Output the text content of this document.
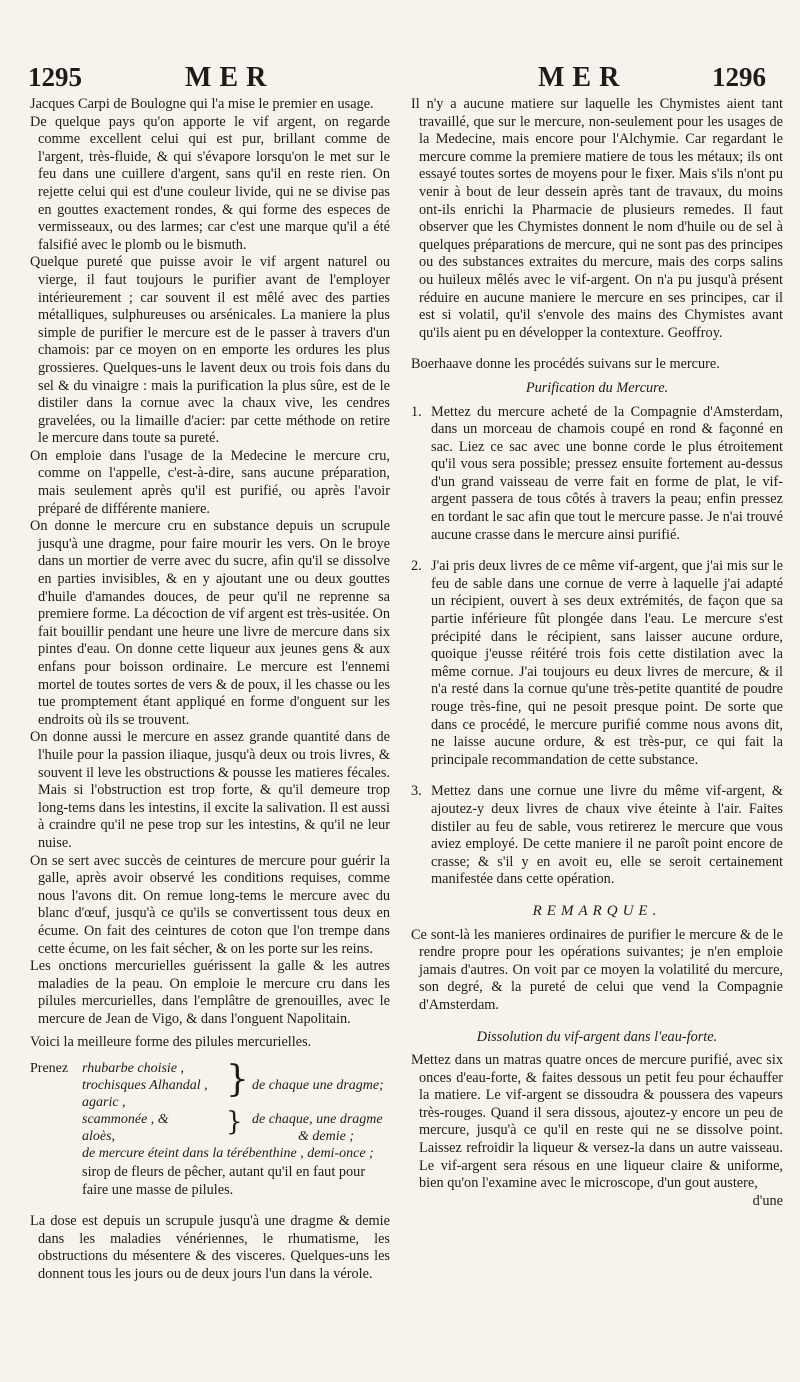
1295	MER	MER	1296

Jacques Carpi de Boulogne qui l'a mise le premier en usage.

De quelque pays qu'on apporte le vif argent, on regarde comme excellent celui qui est pur, brillant comme de l'argent, très-fluide, & qui s'évapore lorsqu'on le met sur le feu dans une cuillere d'argent, sans qu'il en reste rien. On rejette celui qui est d'une couleur livide, qui ne se divise pas en gouttes exactement rondes, & qui forme des especes de vermisseaux, ou des larmes; car c'est une marque qu'il a été falsifié avec le plomb ou le bismuth.

Quelque pureté que puisse avoir le vif argent naturel ou vierge, il faut toujours le purifier avant de l'employer intérieurement ; car souvent il est mêlé avec des parties métalliques, sulphureuses ou arsénicales. La maniere la plus simple de purifier le mercure est de le passer à travers d'un chamois: par ce moyen on en emporte les ordures les plus grossieres. Quelques-uns le lavent deux ou trois fois dans du sel & du vinaigre : mais la purification la plus sûre, est de le distiler dans la cornue avec la chaux vive, les cendres gravelées, ou la limaille d'acier: par cette méthode on retire le mercure dans toute sa pureté.

On emploie dans l'usage de la Medecine le mercure cru, comme on l'appelle, c'est-à-dire, sans aucune préparation, mais seulement après qu'il est purifié, ou après l'avoir préparé de différente maniere.

On donne le mercure cru en substance depuis un scrupule jusqu'à une dragme, pour faire mourir les vers. On le broye dans un mortier de verre avec du sucre, afin qu'il se dissolve en parties invisibles, & en y ajoutant une ou deux gouttes d'huile d'amandes douces, de peur qu'il ne reprenne sa premiere forme. La décoction de vif argent est très-usitée. On fait bouillir pendant une heure une livre de mercure dans six pintes d'eau. On donne cette liqueur aux jeunes gens & aux enfans pour boisson ordinaire. Le mercure est l'ennemi mortel de toutes sortes de vers & de poux, il les chasse ou les tue promptement étant appliqué en forme d'onguent sur les endroits où ils se trouvent.

On donne aussi le mercure en assez grande quantité dans de l'huile pour la passion iliaque, jusqu'à deux ou trois livres, & souvent il leve les obstructions & pousse les matieres fécales. Mais si l'obstruction est trop forte, & qu'il demeure trop long-tems dans les intestins, il excite la salivation. Il est aussi à craindre qu'il ne pese trop sur les intestins, & qu'il ne leur nuise.

On se sert avec succès de ceintures de mercure pour guérir la galle, après avoir observé les conditions requises, comme nous l'avons dit. On remue long-tems le mercure avec du blanc d'œuf, jusqu'à ce qu'ils se convertissent tous deux en écume. On fait des ceintures de coton que l'on trempe dans cette écume, on les fait sécher, & on les porte sur les reins.

Les onctions mercurielles guérissent la galle & les autres maladies de la peau. On emploie le mercure cru dans les pilules mercurielles, dans l'emplâtre de grenouilles, avec le mercure de Jean de Vigo, & dans l'onguent Napolitain.

Voici la meilleure forme des pilules mercurielles.

Prenez rhubarbe choisie ,
trochisques Alhandal ,
agaric ,
} de chaque une dragme;
scammonée , &
aloès,	} de chaque, une dragme
& demie ;
de mercure éteint dans la térébenthine , demi-once ;

sirop de fleurs de pêcher, autant qu'il en faut pour

faire une masse de pilules.

La dose est depuis un scrupule jusqu'à une dragme & demie dans les maladies vénériennes, le rhumatisme, les obstructions du mésentere & des visceres. Quelques-uns les donnent tous les jours ou de deux jours l'un dans la vérole.

Il n'y a aucune matiere sur laquelle les Chymistes aient tant travaillé, que sur le mercure, non-seulement pour les usages de la Medecine, mais encore pour l'Alchymie. Car regardant le mercure comme la premiere matiere de tous les métaux; ils ont essayé toutes sortes de moyens pour le fixer. Mais s'ils n'ont pu venir à bout de leur dessein après tant de travaux, du moins ont-ils enrichi la Pharmacie de plusieurs remedes. Il faut observer que les Chymistes donnent le nom d'huile ou de sel à quelques préparations de mercure, qui ne sont pas des principes ou des substances extraites du mercure, mais des corps salins ou huileux mêlés avec le vif-argent. On n'a pu jusqu'à présent réduire en aucune maniere le mercure en ses principes, car il est si volatil, qu'il s'envole des mains des Chymistes avant qu'ils aient pu en développer la contexture. Geoffroy.

Boerhaave donne les procédés suivans sur le mercure.

Purification du Mercure.

1. Mettez du mercure acheté de la Compagnie d'Amsterdam, dans un morceau de chamois coupé en rond & façonné en sac. Liez ce sac avec une bonne corde le plus étroitement qu'il vous sera possible; pressez ensuite fortement au-dessus d'un grand vaisseau de verre fait en forme de plat, le vif-argent passera de tous côtés à travers la peau; enfin pressez en tordant le sac afin que tout le mercure passe. Je n'ai trouvé aucune crasse dans le mercure ainsi purifié.

2. J'ai pris deux livres de ce même vif-argent, que j'ai mis sur le feu de sable dans une cornue de verre à laquelle j'ai adapté un récipient, ouvert à ses deux extrémités, de façon que sa partie inférieure fût plongée dans l'eau. Le mercure s'est précipité dans le récipient, sans laisser aucune ordure, quoique j'eusse réitéré trois fois cette distilation avec la même cornue. J'ai toujours eu deux livres de mercure, & il n'a resté dans la cornue qu'une très-petite quantité de poudre rouge très-fine, qui ne pesoit presque point. De sorte que dans ce procédé, le mercure purifié comme nous avons dit, ne laisse aucune ordure, & est très-pur, ce qui fait la principale recommandation de cette substance.

3. Mettez dans une cornue une livre du même vif-argent, & ajoutez-y deux livres de chaux vive éteinte à l'air. Faites distiler au feu de sable, vous retirerez le mercure que vous aviez employé. De cette maniere il ne paroît point encore de crasse; & s'il y en avoit eu, elle se seroit certainement manifestée dans cette opération.

REMARQUE.

Ce sont-là les manieres ordinaires de purifier le mercure & de le rendre propre pour les opérations suivantes; je n'en emploie jamais d'autres. On voit par ce moyen la volatilité du mercure, son degré, & la pureté de celui que vend la Compagnie d'Amsterdam.

Dissolution du vif-argent dans l'eau-forte.

Mettez dans un matras quatre onces de mercure purifié, avec six onces d'eau-forte, & faites dessous un petit feu pour échauffer la matiere. Le vif-argent se dissoudra & poussera des vapeurs très-rouges. Quand il sera dissous, ajoutez-y encore un peu de mercure, jusqu'à ce qu'il en reste qui ne se dissolve point. Laissez refroidir la liqueur & versez-la dans un autre vaisseau. Le vif-argent sera résous en une liqueur claire & uniforme, bien qu'on l'examine avec le microscope, d'un gout austere,

d'une
